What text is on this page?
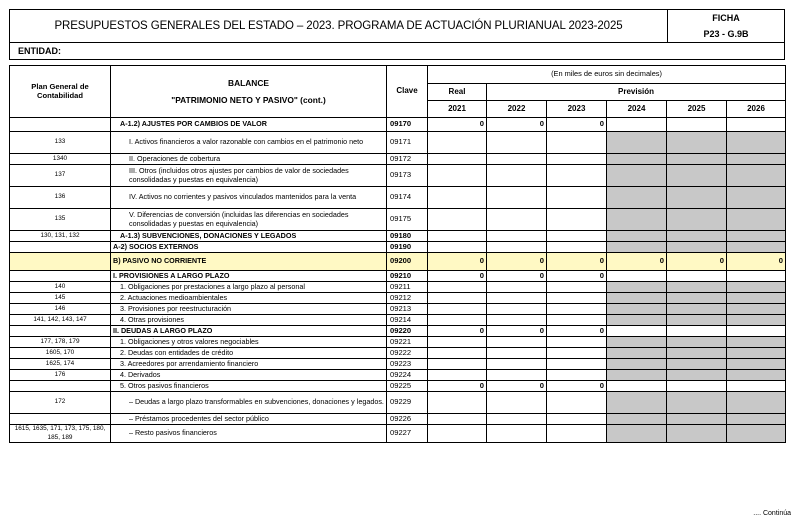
PRESUPUESTOS GENERALES DEL ESTADO – 2023. PROGRAMA DE ACTUACIÓN PLURIANUAL 2023-2025
FICHA
P23 - G.9B
ENTIDAD:
Plan General de Contabilidad	BALANCE
"PATRIMONIO NETO Y PASIVO" (cont.)	Clave	(En miles de euros sin decimales)					
			Real	Previsión				
			2021	2022	2023	2024	2025	2026
	A-1.2) AJUSTES POR CAMBIOS DE VALOR	09170	0	0	0			
133	I. Activos financieros a valor razonable con cambios en el patrimonio neto	09171						
1340	II. Operaciones de cobertura	09172						
137	III. Otros (incluidos otros ajustes por cambios de valor de sociedades consolidadas y puestas en equivalencia)	09173						
136	IV. Activos no corrientes y pasivos vinculados mantenidos para la venta	09174						
135	V. Diferencias de conversión (incluidas las diferencias en sociedades consolidadas y puestas en equivalencia)	09175						
130, 131, 132	A-1.3) SUBVENCIONES, DONACIONES Y LEGADOS	09180						
	A-2) SOCIOS EXTERNOS	09190						
	B) PASIVO NO CORRIENTE	09200	0	0	0	0	0	0
	I. PROVISIONES A LARGO PLAZO	09210	0	0	0			
140	1. Obligaciones por prestaciones a largo plazo al personal	09211						
145	2. Actuaciones medioambientales	09212						
146	3. Provisiones por reestructuración	09213						
141, 142, 143, 147	4. Otras provisiones	09214						
	II. DEUDAS A LARGO PLAZO	09220	0	0	0			
177, 178, 179	1. Obligaciones y otros valores negociables	09221						
1605, 170	2. Deudas con entidades de crédito	09222						
1625, 174	3. Acreedores por arrendamiento financiero	09223						
176	4. Derivados	09224						
	5. Otros pasivos financieros	09225	0	0	0			
172	– Deudas a largo plazo transformables en subvenciones, donaciones y legados.	09229						
	– Préstamos procedentes del sector público	09226						
1615, 1635, 171, 173, 175, 180, 185, 189	– Resto pasivos financieros	09227						
.... Continúa
